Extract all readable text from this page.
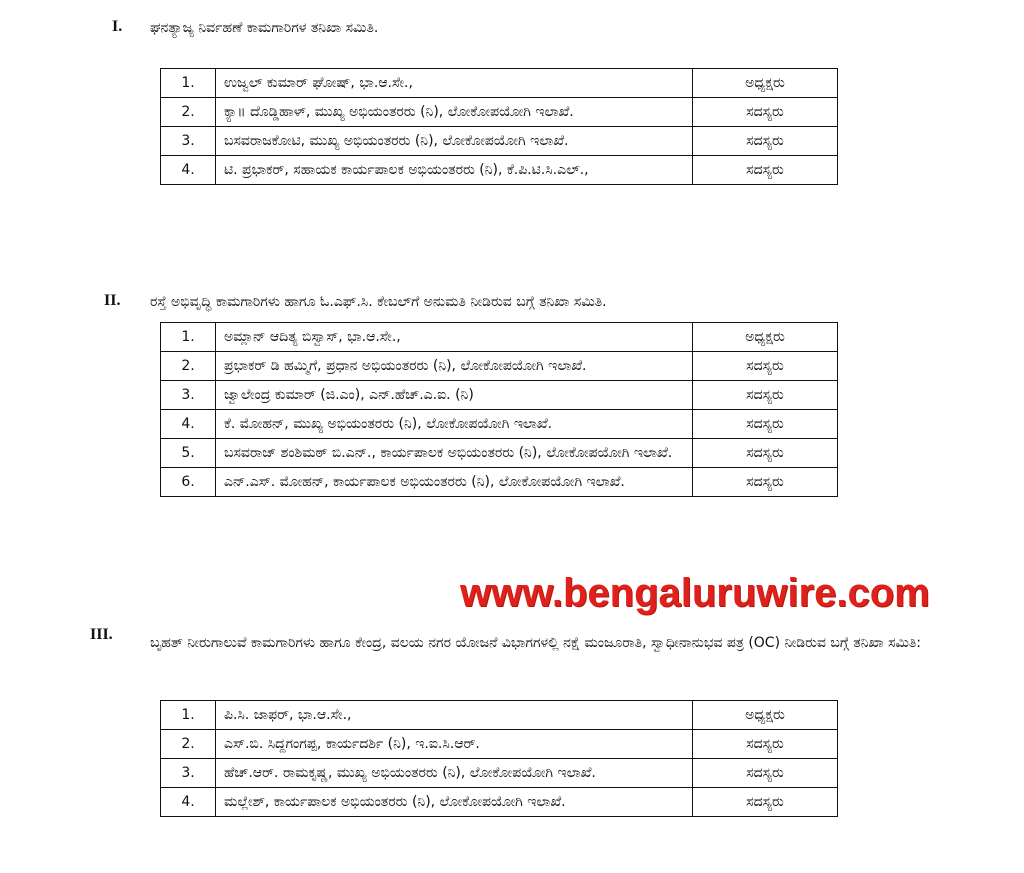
I. ಘನತ್ಯಾಜ್ಯ ನಿರ್ವಹಣೆ ಕಾಮಗಾರಿಗಳ ತನಿಖಾ ಸಮಿತಿ.
1.	ಉಜ್ವಲ್ ಕುಮಾರ್ ಘೋಷ್, ಭಾ.ಆ.ಸೇ.,	ಅಧ್ಯಕ್ಷರು
2.	ಕ್ಯಾ॥ ದೊಡ್ಡಿಹಾಳ್, ಮುಖ್ಯ ಅಭಿಯಂತರರು (ನಿ), ಲೋಕೋಪಯೋಗಿ ಇಲಾಖೆ.	ಸದಸ್ಯರು
3.	ಬಸವರಾಜಕೋಟಿ, ಮುಖ್ಯ ಅಭಿಯಂತರರು (ನಿ), ಲೋಕೋಪಯೋಗಿ ಇಲಾಖೆ.	ಸದಸ್ಯರು
4.	ಟಿ. ಪ್ರಭಾಕರ್, ಸಹಾಯಕ ಕಾರ್ಯಪಾಲಕ ಅಭಿಯಂತರರು (ನಿ), ಕೆ.ಪಿ.ಟಿ.ಸಿ.ಎಲ್.,	ಸದಸ್ಯರು
II. ರಸ್ತೆ ಅಭಿವೃದ್ಧಿ ಕಾಮಗಾರಿಗಳು ಹಾಗೂ ಓ.ಎಫ್.ಸಿ. ಕೇಬಲ್‌ಗೆ ಅನುಮತಿ ನೀಡಿರುವ ಬಗ್ಗೆ ತನಿಖಾ ಸಮಿತಿ.
1.	ಅಮ್ಲಾನ್ ಆದಿತ್ಯ ಬಿಸ್ವಾಸ್, ಭಾ.ಆ.ಸೇ.,	ಅಧ್ಯಕ್ಷರು
2.	ಪ್ರಭಾಕರ್ ಡಿ ಹಮ್ಮಿಗೆ, ಪ್ರಧಾನ ಅಭಿಯಂತರರು (ನಿ), ಲೋಕೋಪಯೋಗಿ ಇಲಾಖೆ.	ಸದಸ್ಯರು
3.	ಜ್ವಾಲೇಂದ್ರ ಕುಮಾರ್ (ಜಿ.ಎಂ), ಎನ್.ಹೆಚ್.ಎ.ಐ. (ನಿ)	ಸದಸ್ಯರು
4.	ಕೆ. ಮೋಹನ್, ಮುಖ್ಯ ಅಭಿಯಂತರರು (ನಿ), ಲೋಕೋಪಯೋಗಿ ಇಲಾಖೆ.	ಸದಸ್ಯರು
5.	ಬಸವರಾಜ್ ಶಂಶಿಮಠ್ ಬಿ.ಎನ್., ಕಾರ್ಯಪಾಲಕ ಅಭಿಯಂತರರು (ನಿ), ಲೋಕೋಪಯೋಗಿ ಇಲಾಖೆ.	ಸದಸ್ಯರು
6.	ಎನ್.ಎಸ್. ಮೋಹನ್, ಕಾರ್ಯಪಾಲಕ ಅಭಿಯಂತರರು (ನಿ), ಲೋಕೋಪಯೋಗಿ ಇಲಾಖೆ.	ಸದಸ್ಯರು
www.bengaluruwire.com
III.	ಬೃಹತ್ ನೀರುಗಾಲುವೆ ಕಾಮಗಾರಿಗಳು ಹಾಗೂ ಕೇಂದ್ರ, ವಲಯ ನಗರ ಯೋಜನೆ ವಿಭಾಗಗಳಲ್ಲಿ ನಕ್ಷೆ ಮಂಜೂರಾತಿ, ಸ್ವಾಧೀನಾನುಭವ ಪತ್ರ (OC) ನೀಡಿರುವ ಬಗ್ಗೆ ತನಿಖಾ ಸಮಿತಿ:
1.	ಪಿ.ಸಿ. ಜಾಫರ್, ಭಾ.ಆ.ಸೇ.,	ಅಧ್ಯಕ್ಷರು
2.	ಎಸ್.ಬಿ. ಸಿದ್ದಗಂಗಪ್ಪ, ಕಾರ್ಯದರ್ಶಿ (ನಿ), ಇ.ಐ.ಸಿ.ಆರ್.	ಸದಸ್ಯರು
3.	ಹೆಚ್.ಆರ್. ರಾಮಕೃಷ್ಣ, ಮುಖ್ಯ ಅಭಿಯಂತರರು (ನಿ), ಲೋಕೋಪಯೋಗಿ ಇಲಾಖೆ.	ಸದಸ್ಯರು
4.	ಮಲ್ಲೇಶ್, ಕಾರ್ಯಪಾಲಕ ಅಭಿಯಂತರರು (ನಿ), ಲೋಕೋಪಯೋಗಿ ಇಲಾಖೆ.	ಸದಸ್ಯರು
